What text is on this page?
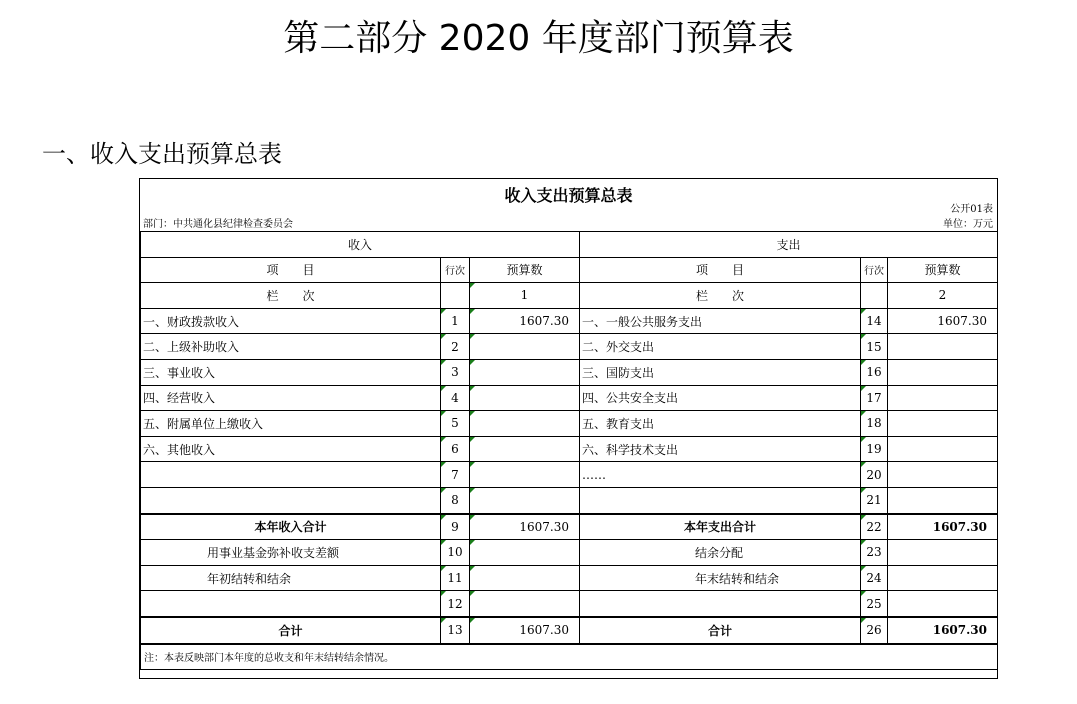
第二部分 2020 年度部门预算表
一、收入支出预算总表
收入支出预算总表
公开01表
单位：万元
部门：中共通化县纪律检查委员会
收入			支出		
项　　目	行次	预算数	项　　目	行次	预算数
栏　　次		1	栏　　次		2
一、财政拨款收入	1	1607.30	一、一般公共服务支出	14	1607.30
二、上级补助收入	2		二、外交支出	15	
三、事业收入	3		三、国防支出	16	
四、经营收入	4		四、公共安全支出	17	
五、附属单位上缴收入	5		五、教育支出	18	
六、其他收入	6		六、科学技术支出	19	
	7		……	20	
	8			21	
本年收入合计	9	1607.30	本年支出合计	22	1607.30
用事业基金弥补收支差额	10		结余分配	23	
年初结转和结余	11		年末结转和结余	24	
	12			25	
合计	13	1607.30	合计	26	1607.30
注：本表反映部门本年度的总收支和年末结转结余情况。					
